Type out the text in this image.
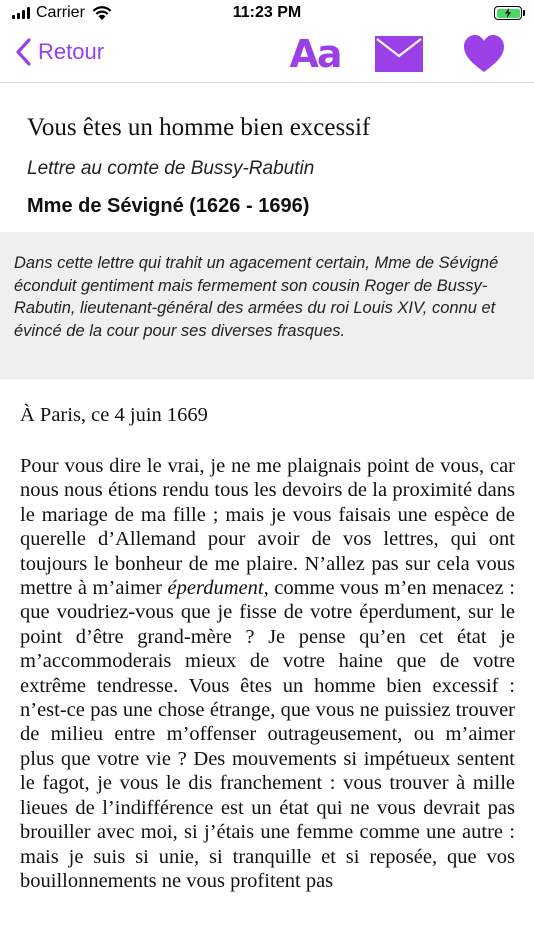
Carrier	11:23 PM
Retour	Aa
Vous êtes un homme bien excessif
Lettre au comte de Bussy-Rabutin
Mme de Sévigné (1626 - 1696)

Dans cette lettre qui trahit un agacement certain, Mme de Sévigné éconduit gentiment mais fermement son cousin Roger de Bussy-Rabutin, lieutenant-général des armées du roi Louis XIV, connu et évincé de la cour pour ses diverses frasques.

À Paris, ce 4 juin 1669
Pour vous dire le vrai, je ne me plaignais point de vous, car nous nous étions rendu tous les devoirs de la proximité dans le mariage de ma fille ; mais je vous faisais une espèce de querelle d’Allemand pour avoir de vos lettres, qui ont toujours le bonheur de me plaire. N’allez pas sur cela vous mettre à m’aimer éperdument, comme vous m’en menacez : que voudriez-vous que je fisse de votre éperdument, sur le point d’être grand-mère ? Je pense qu’en cet état je m’accommoderais mieux de votre haine que de votre extrême tendresse. Vous êtes un homme bien excessif : n’est-ce pas une chose étrange, que vous ne puissiez trouver de milieu entre m’offenser outrageusement, ou m’aimer plus que votre vie ? Des mouvements si impétueux sentent le fagot, je vous le dis franchement : vous trouver à mille lieues de l’indifférence est un état qui ne vous devrait pas brouiller avec moi, si j’étais une femme comme une autre : mais je suis si unie, si tranquille et si reposée, que vos bouillonnements ne vous profitent pas
